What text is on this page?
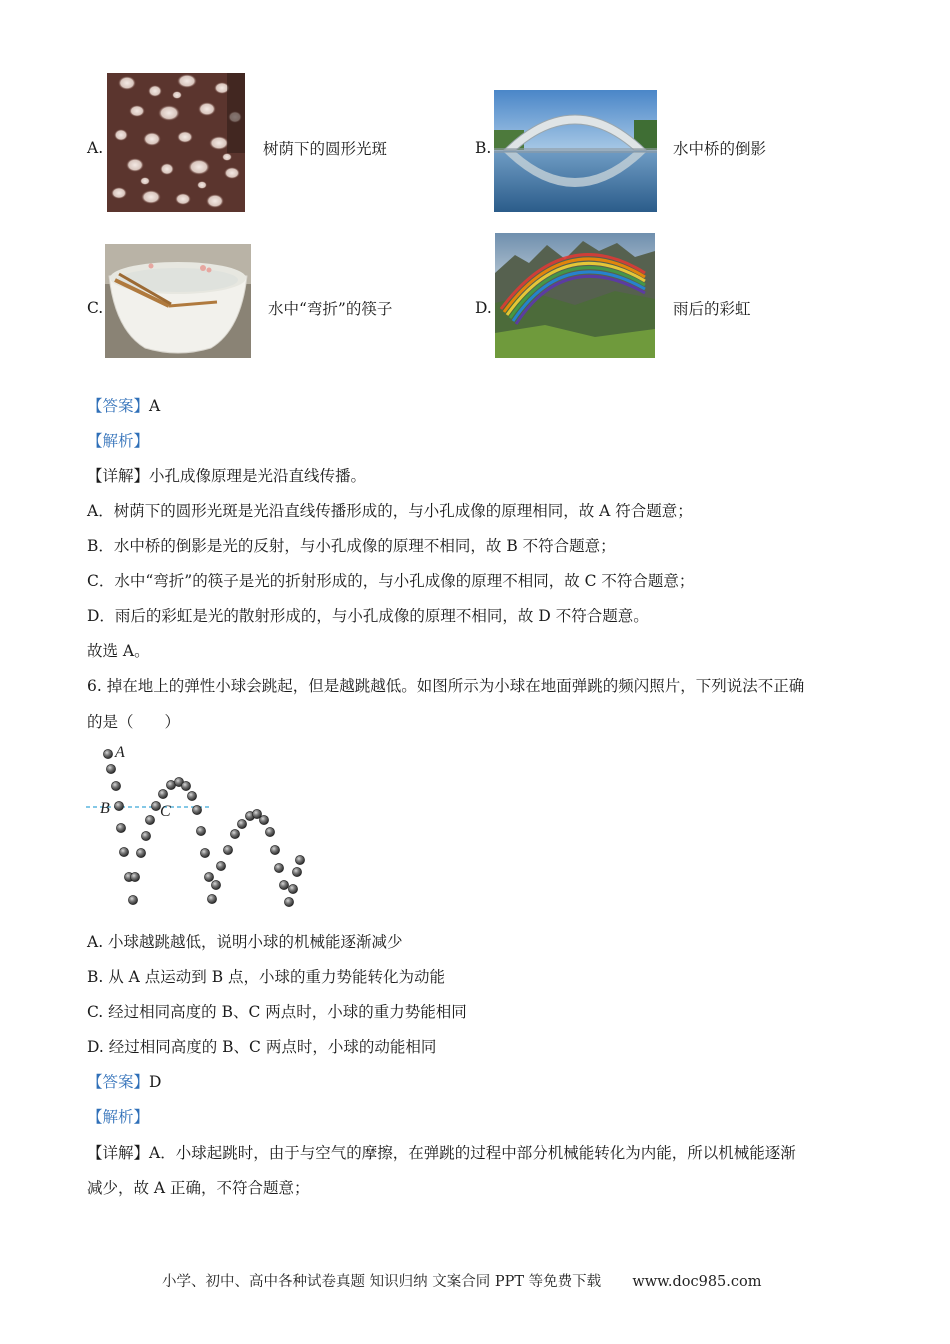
A.	树荫下的圆形光斑	B.	水中桥的倒影
C.	水中“弯折”的筷子	D.	雨后的彩虹
【答案】A
【解析】
【详解】小孔成像原理是光沿直线传播。
A．树荫下的圆形光斑是光沿直线传播形成的，与小孔成像的原理相同，故 A 符合题意；
B．水中桥的倒影是光的反射，与小孔成像的原理不相同，故 B 不符合题意；
C．水中“弯折”的筷子是光的折射形成的，与小孔成像的原理不相同，故 C 不符合题意；
D．雨后的彩虹是光的散射形成的，与小孔成像的原理不相同，故 D 不符合题意。
故选 A。
6. 掉在地上的弹性小球会跳起，但是越跳越低。如图所示为小球在地面弹跳的频闪照片，下列说法不正确
的是（　　）
A
B	C
A. 小球越跳越低，说明小球的机械能逐渐减少
B. 从 A 点运动到 B 点，小球的重力势能转化为动能
C. 经过相同高度的 B、C 两点时，小球的重力势能相同
D. 经过相同高度的 B、C 两点时，小球的动能相同
【答案】D
【解析】
【详解】A．小球起跳时，由于与空气的摩擦，在弹跳的过程中部分机械能转化为内能，所以机械能逐渐
减少，故 A 正确，不符合题意；
小学、初中、高中各种试卷真题 知识归纳 文案合同 PPT 等免费下载 www.doc985.com
